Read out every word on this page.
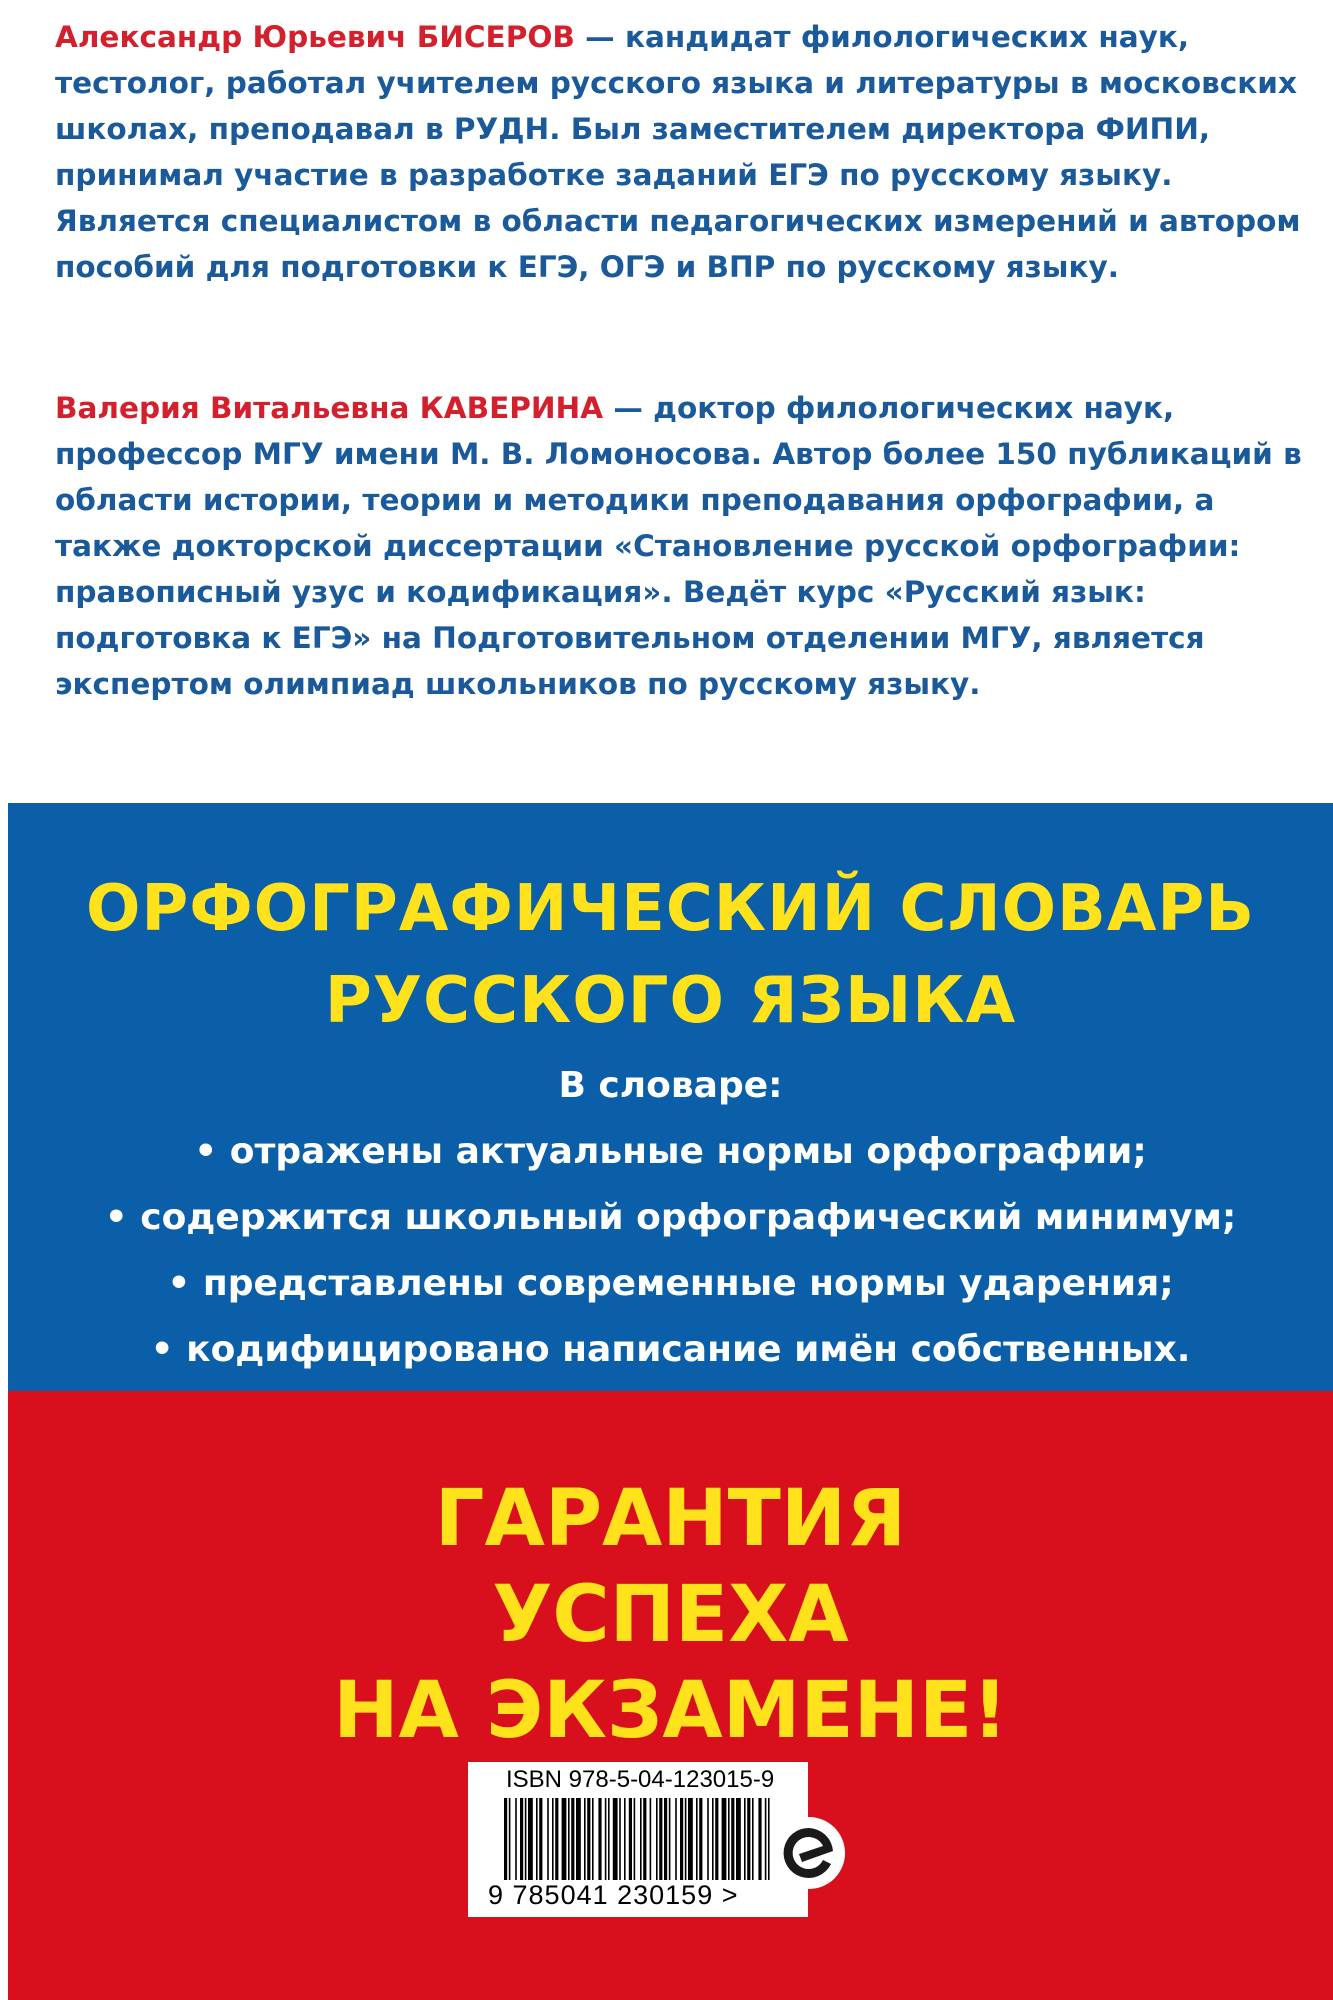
Александр Юрьевич БИСЕРОВ — кандидат филологических наук, тестолог, работал учителем русского языка и литературы в московских школах, преподавал в РУДН. Был заместителем директора ФИПИ, принимал участие в разработке заданий ЕГЭ по русскому языку. Является специалистом в области педагогических измерений и автором пособий для подготовки к ЕГЭ, ОГЭ и ВПР по русскому языку.

Валерия Витальевна КАВЕРИНА — доктор филологических наук, профессор МГУ имени М. В. Ломоносова. Автор более 150 публикаций в области истории, теории и методики преподавания орфографии, а также докторской диссертации «Становление русской орфографии: правописный узус и кодификация». Ведёт курс «Русский язык: подготовка к ЕГЭ» на Подготовительном отделении МГУ, является экспертом олимпиад школьников по русскому языку.

ОРФОГРАФИЧЕСКИЙ СЛОВАРЬ
РУССКОГО ЯЗЫКА
В словаре:
• отражены актуальные нормы орфографии;
• содержится школьный орфографический минимум;
• представлены современные нормы ударения;
• кодифицировано написание имён собственных.
ГАРАНТИЯ
УСПЕХА
НА ЭКЗАМЕНЕ!
ISBN 978-5-04-123015-9
9 785041 230159 >
